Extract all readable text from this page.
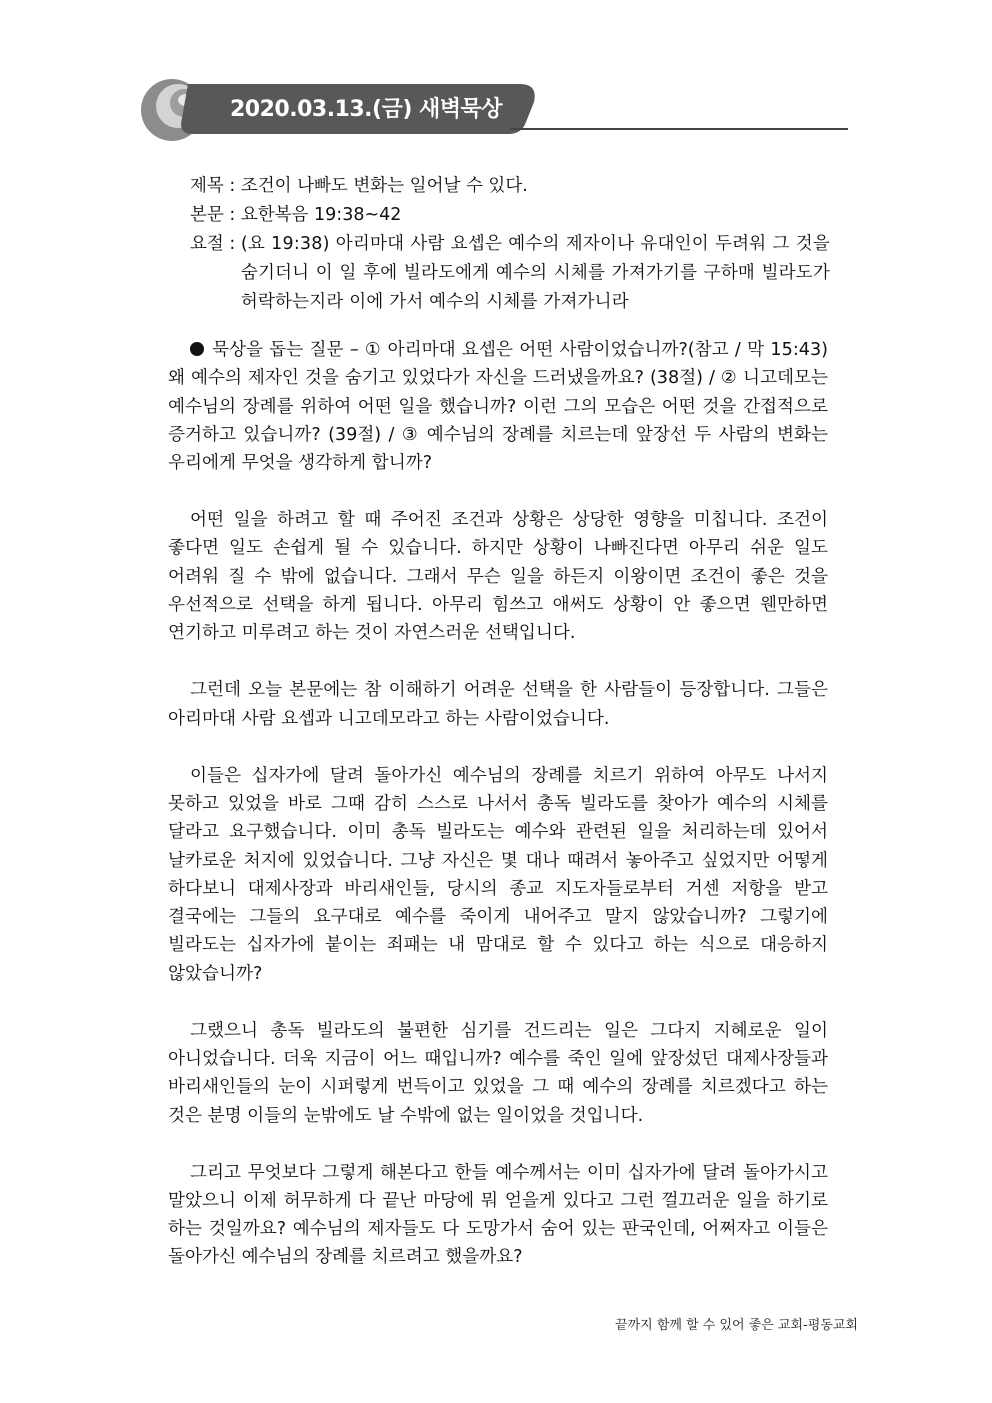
2020.03.13.(금) 새벽묵상
제목 : 조건이 나빠도 변화는 일어날 수 있다.
본문 : 요한복음 19:38~42
요절 : (요 19:38) 아리마대 사람 요셉은 예수의 제자이나 유대인이 두려워 그 것을 숨기더니 이 일 후에 빌라도에게 예수의 시체를 가져가기를 구하매 빌라도가 허락하는지라 이에 가서 예수의 시체를 가져가니라

묵상을 돕는 질문 – ① 아리마대 요셉은 어떤 사람이었습니까?(참고 / 막 15:43) 왜 예수의 제자인 것을 숨기고 있었다가 자신을 드러냈을까요? (38절) / ② 니고데모는 예수님의 장례를 위하여 어떤 일을 했습니까? 이런 그의 모습은 어떤 것을 간접적으로 증거하고 있습니까? (39절) / ③ 예수님의 장례를 치르는데 앞장선 두 사람의 변화는 우리에게 무엇을 생각하게 합니까?

어떤 일을 하려고 할 때 주어진 조건과 상황은 상당한 영향을 미칩니다. 조건이 좋다면 일도 손쉽게 될 수 있습니다. 하지만 상황이 나빠진다면 아무리 쉬운 일도 어려워 질 수 밖에 없습니다. 그래서 무슨 일을 하든지 이왕이면 조건이 좋은 것을 우선적으로 선택을 하게 됩니다. 아무리 힘쓰고 애써도 상황이 안 좋으면 웬만하면 연기하고 미루려고 하는 것이 자연스러운 선택입니다.

그런데 오늘 본문에는 참 이해하기 어려운 선택을 한 사람들이 등장합니다. 그들은 아리마대 사람 요셉과 니고데모라고 하는 사람이었습니다.

이들은 십자가에 달려 돌아가신 예수님의 장례를 치르기 위하여 아무도 나서지 못하고 있었을 바로 그때 감히 스스로 나서서 총독 빌라도를 찾아가 예수의 시체를 달라고 요구했습니다. 이미 총독 빌라도는 예수와 관련된 일을 처리하는데 있어서 날카로운 처지에 있었습니다. 그냥 자신은 몇 대나 때려서 놓아주고 싶었지만 어떻게 하다보니 대제사장과 바리새인들, 당시의 종교 지도자들로부터 거센 저항을 받고 결국에는 그들의 요구대로 예수를 죽이게 내어주고 말지 않았습니까? 그렇기에 빌라도는 십자가에 붙이는 죄패는 내 맘대로 할 수 있다고 하는 식으로 대응하지 않았습니까?

그랬으니 총독 빌라도의 불편한 심기를 건드리는 일은 그다지 지혜로운 일이 아니었습니다. 더욱 지금이 어느 때입니까? 예수를 죽인 일에 앞장섰던 대제사장들과 바리새인들의 눈이 시퍼렇게 번득이고 있었을 그 때 예수의 장례를 치르겠다고 하는 것은 분명 이들의 눈밖에도 날 수밖에 없는 일이었을 것입니다.

그리고 무엇보다 그렇게 해본다고 한들 예수께서는 이미 십자가에 달려 돌아가시고 말았으니 이제 허무하게 다 끝난 마당에 뭐 얻을게 있다고 그런 껄끄러운 일을 하기로 하는 것일까요? 예수님의 제자들도 다 도망가서 숨어 있는 판국인데, 어쩌자고 이들은 돌아가신 예수님의 장례를 치르려고 했을까요?

끝까지 함께 할 수 있어 좋은 교회-평동교회
